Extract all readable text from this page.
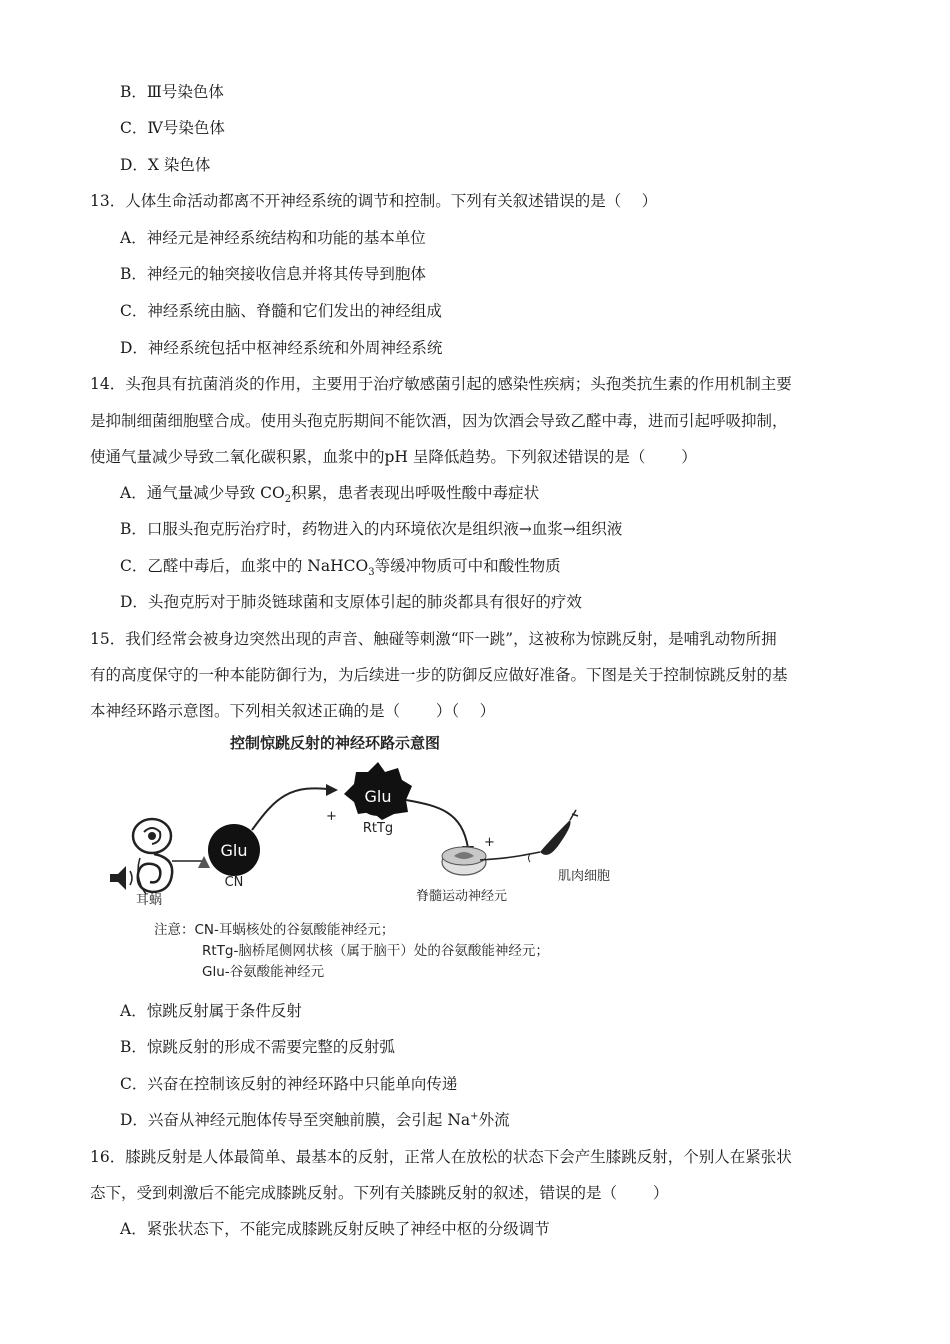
B．Ⅲ号染色体
C．Ⅳ号染色体
D．X 染色体
13．人体生命活动都离不开神经系统的调节和控制。下列有关叙述错误的是（　 ）
A．神经元是神经系统结构和功能的基本单位
B．神经元的轴突接收信息并将其传导到胞体
C．神经系统由脑、脊髓和它们发出的神经组成
D．神经系统包括中枢神经系统和外周神经系统
14．头孢具有抗菌消炎的作用，主要用于治疗敏感菌引起的感染性疾病；头孢类抗生素的作用机制主要
是抑制细菌细胞壁合成。使用头孢克肟期间不能饮酒，因为饮酒会导致乙醛中毒，进而引起呼吸抑制，
使通气量减少导致二氧化碳积累，血浆中的pH 呈降低趋势。下列叙述错误的是（　　 ）
A．通气量减少导致 $CO_2$积累，患者表现出呼吸性酸中毒症状
B．口服头孢克肟治疗时，药物进入的内环境依次是组织液→血浆→组织液
C．乙醛中毒后，血浆中的 NaHCO$_3$等缓冲物质可中和酸性物质
D．头孢克肟对于肺炎链球菌和支原体引起的肺炎都具有很好的疗效
15．我们经常会被身边突然出现的声音、触碰等刺激“吓一跳”，这被称为惊跳反射，是哺乳动物所拥
有的高度保守的一种本能防御行为，为后续进一步的防御反应做好准备。下图是关于控制惊跳反射的基
本神经环路示意图。下列相关叙述正确的是（　　 ）（　 ）
控制惊跳反射的神经环路示意图
耳蜗
Glu
CN
+
Glu
RtTg
+
脊髓运动神经元
肌肉细胞
注意：CN-耳蜗核处的谷氨酸能神经元；
RtTg-脑桥尾侧网状核（属于脑干）处的谷氨酸能神经元；
Glu-谷氨酸能神经元
A．惊跳反射属于条件反射
B．惊跳反射的形成不需要完整的反射弧
C．兴奋在控制该反射的神经环路中只能单向传递
D．兴奋从神经元胞体传导至突触前膜，会引起 Na+外流
16．膝跳反射是人体最简单、最基本的反射，正常人在放松的状态下会产生膝跳反射，个别人在紧张状
态下，受到刺激后不能完成膝跳反射。下列有关膝跳反射的叙述，错误的是（　　 ）
A．紧张状态下，不能完成膝跳反射反映了神经中枢的分级调节
